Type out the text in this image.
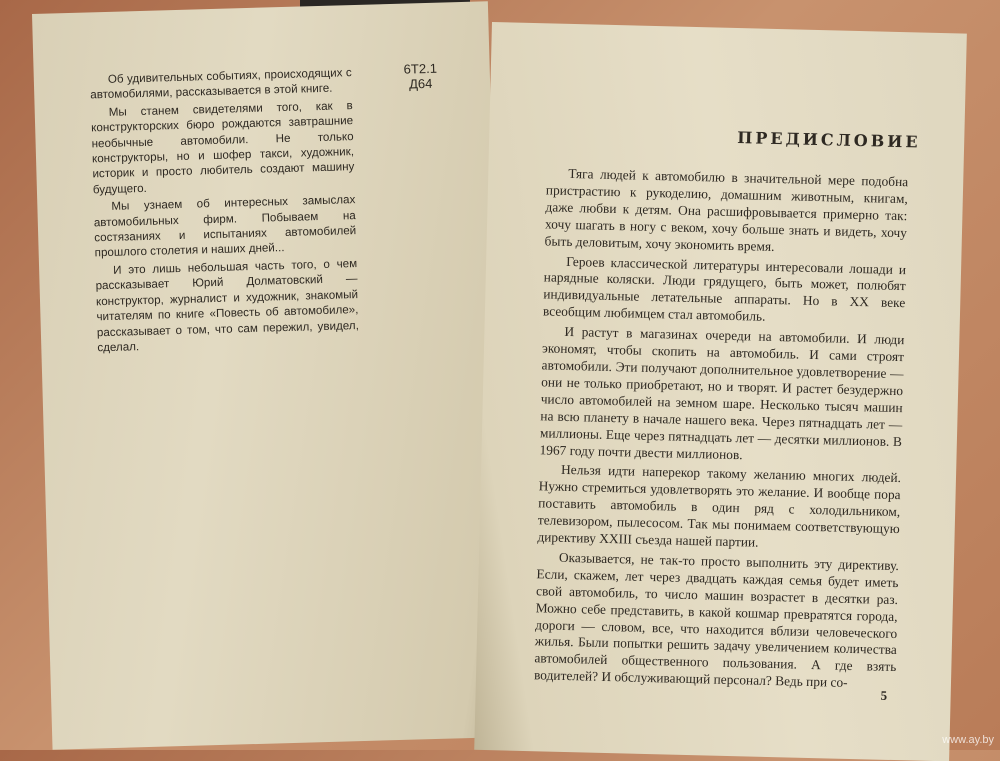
Об удивительных событиях, происходящих с автомобилями, рассказывается в этой книге.

Мы станем свидетелями того, как в конструкторских бюро рождаются завтрашние необычные автомобили. Не только конструкторы, но и шофер такси, художник, историк и просто любитель создают машину будущего.

Мы узнаем об интересных замыслах автомобильных фирм. Побываем на состязаниях и испытаниях автомобилей прошлого столетия и наших дней...

И это лишь небольшая часть того, о чем рассказывает Юрий Долматовский — конструктор, журналист и художник, знакомый читателям по книге «Повесть об автомобиле», рассказывает о том, что сам пережил, увидел, сделал.

6Т2.1
Д64
ПРЕДИСЛОВИЕ

Тяга людей к автомобилю в значительной мере подобна пристрастию к рукоделию, домашним животным, книгам, даже любви к детям. Она расшифровывается примерно так: хочу шагать в ногу с веком, хочу больше знать и видеть, хочу быть деловитым, хочу экономить время.

Героев классической литературы интересовали лошади и нарядные коляски. Люди грядущего, быть может, полюбят индивидуальные летательные аппараты. Но в XX веке всеобщим любимцем стал автомобиль.

И растут в магазинах очереди на автомобили. И люди экономят, чтобы скопить на автомобиль. И сами строят автомобили. Эти получают дополнительное удовлетворение — они не только приобретают, но и творят. И растет безудержно число автомобилей на земном шаре. Несколько тысяч машин на всю планету в начале нашего века. Через пятнадцать лет — миллионы. Еще через пятнадцать лет — десятки миллионов. В 1967 году почти двести миллионов.

Нельзя идти наперекор такому желанию многих людей. Нужно стремиться удовлетворять это желание. И вообще пора поставить автомобиль в один ряд с холодильником, телевизором, пылесосом. Так мы понимаем соответствующую директиву XXIII съезда нашей партии.

Оказывается, не так-то просто выполнить эту директиву. Если, скажем, лет через двадцать каждая семья будет иметь свой автомобиль, то число машин возрастет в десятки раз. Можно себе представить, в какой кошмар превратятся города, дороги — словом, все, что находится вблизи человеческого жилья. Были попытки решить задачу увеличением количества автомобилей общественного пользования. А где взять водителей? И обслуживающий персонал? Ведь при со-

5
www.ay.by
